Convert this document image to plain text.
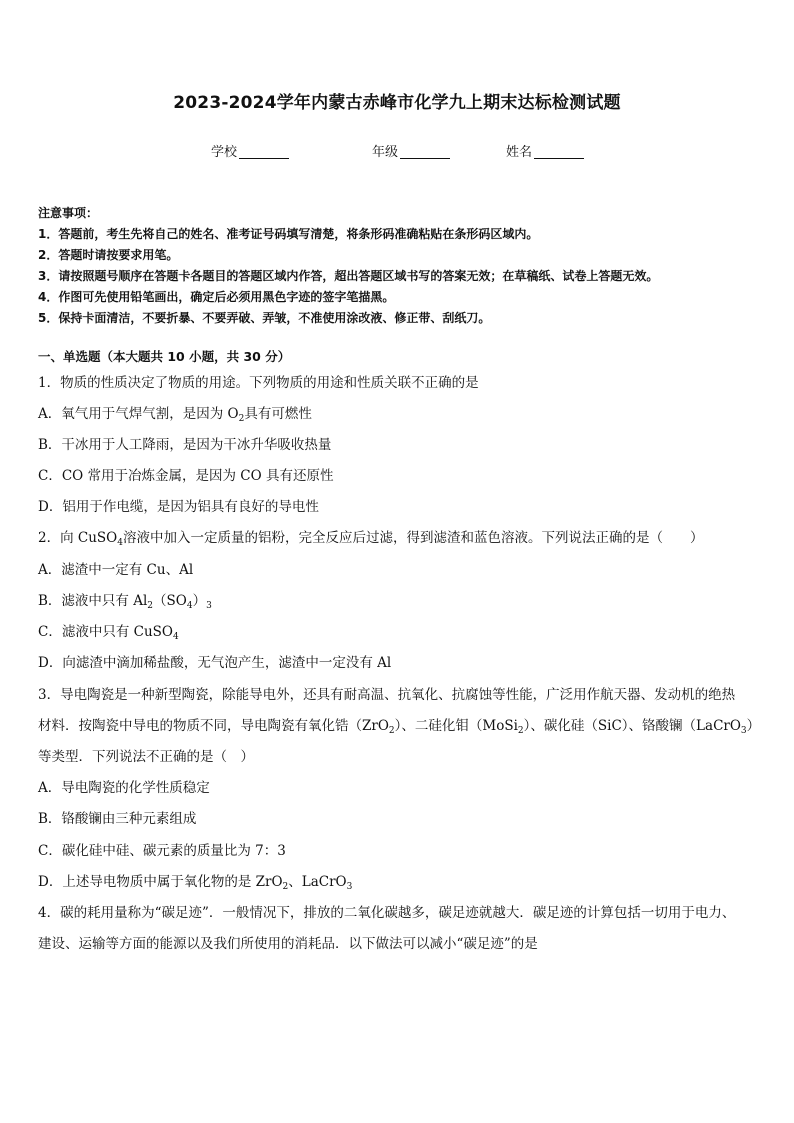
2023-2024学年内蒙古赤峰市化学九上期末达标检测试题
学校	年级	姓名
注意事项：
1．答题前，考生先将自己的姓名、准考证号码填写清楚，将条形码准确粘贴在条形码区域内。
2．答题时请按要求用笔。
3．请按照题号顺序在答题卡各题目的答题区域内作答，超出答题区域书写的答案无效；在草稿纸、试卷上答题无效。
4．作图可先使用铅笔画出，确定后必须用黑色字迹的签字笔描黑。
5．保持卡面清洁，不要折暴、不要弄破、弄皱，不准使用涂改液、修正带、刮纸刀。
一、单选题（本大题共 10 小题，共 30 分）
1．物质的性质决定了物质的用途。下列物质的用途和性质关联不正确的是
A．氧气用于气焊气割，是因为 $O_2$具有可燃性
B．干冰用于人工降雨，是因为干冰升华吸收热量
C．CO 常用于冶炼金属，是因为 CO 具有还原性
D．铝用于作电缆，是因为铝具有良好的导电性
2．向 CuSO$_4$溶液中加入一定质量的铝粉，完全反应后过滤，得到滤渣和蓝色溶液。下列说法正确的是（　　）
A．滤渣中一定有 Cu、Al
B．滤液中只有 $Al_2(SO_4)_3$
C．滤液中只有 CuSO$_4$
D．向滤渣中滴加稀盐酸，无气泡产生，滤渣中一定没有 Al
3．导电陶瓷是一种新型陶瓷，除能导电外，还具有耐高温、抗氧化、抗腐蚀等性能，广泛用作航天器、发动机的绝热
材料．按陶瓷中导电的物质不同，导电陶瓷有氧化锆（ZrO$_2$）、二硅化钼（MoSi$_2$）、碳化硅（SiC）、铬酸镧（LaCrO$_3$）
等类型．下列说法不正确的是（　）
A．导电陶瓷的化学性质稳定
B．铬酸镧由三种元素组成
C．碳化硅中硅、碳元素的质量比为 7：3
D．上述导电物质中属于氧化物的是 ZrO$_2$、LaCrO$_3$
4．碳的耗用量称为“碳足迹”．一般情况下，排放的二氧化碳越多，碳足迹就越大．碳足迹的计算包括一切用于电力、
建设、运输等方面的能源以及我们所使用的消耗品．以下做法可以减小“碳足迹”的是
